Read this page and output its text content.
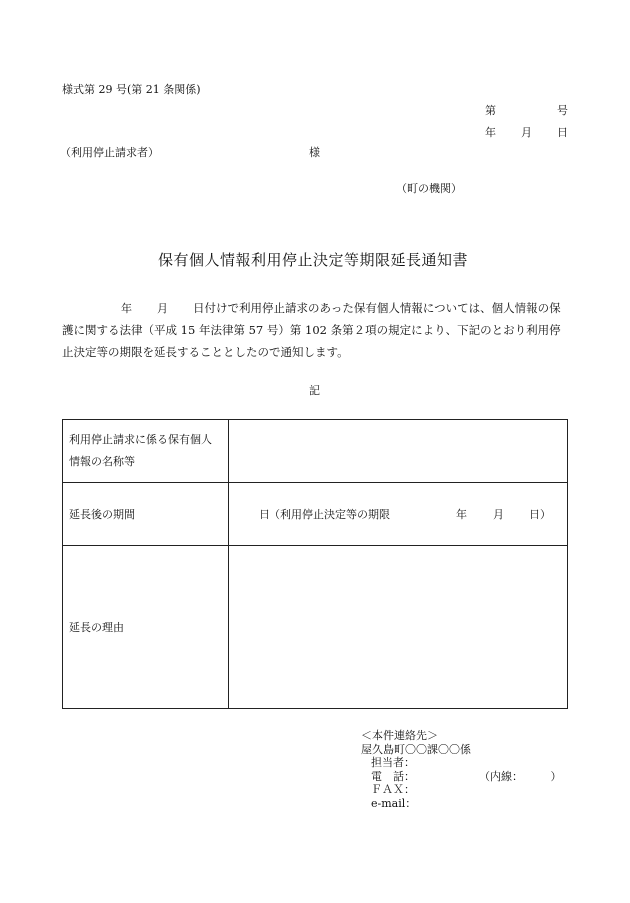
様式第 29 号(第 21 条関係)
第	号
年 月 日
（利用停止請求者）	様
（町の機関）
保有個人情報利用停止決定等期限延長通知書
年 月	日付けで利用停止請求のあった保有個人情報については、個人情報の保護に関する法律（平成 15 年法律第 57 号）第 102 条第２項の規定により、下記のとおり利用停止決定等の期限を延長することとしたので通知します。
記
利用停止請求に係る保有個人
情報の名称等	

延長後の期間	日 （利用停止決定等の期限 年 月 日）

延長の理由	
＜本件連絡先＞
屋久島町〇〇課〇〇係
担当者：
電　話：	（内線：　　　）
ＦＡＸ：
e-mail：
